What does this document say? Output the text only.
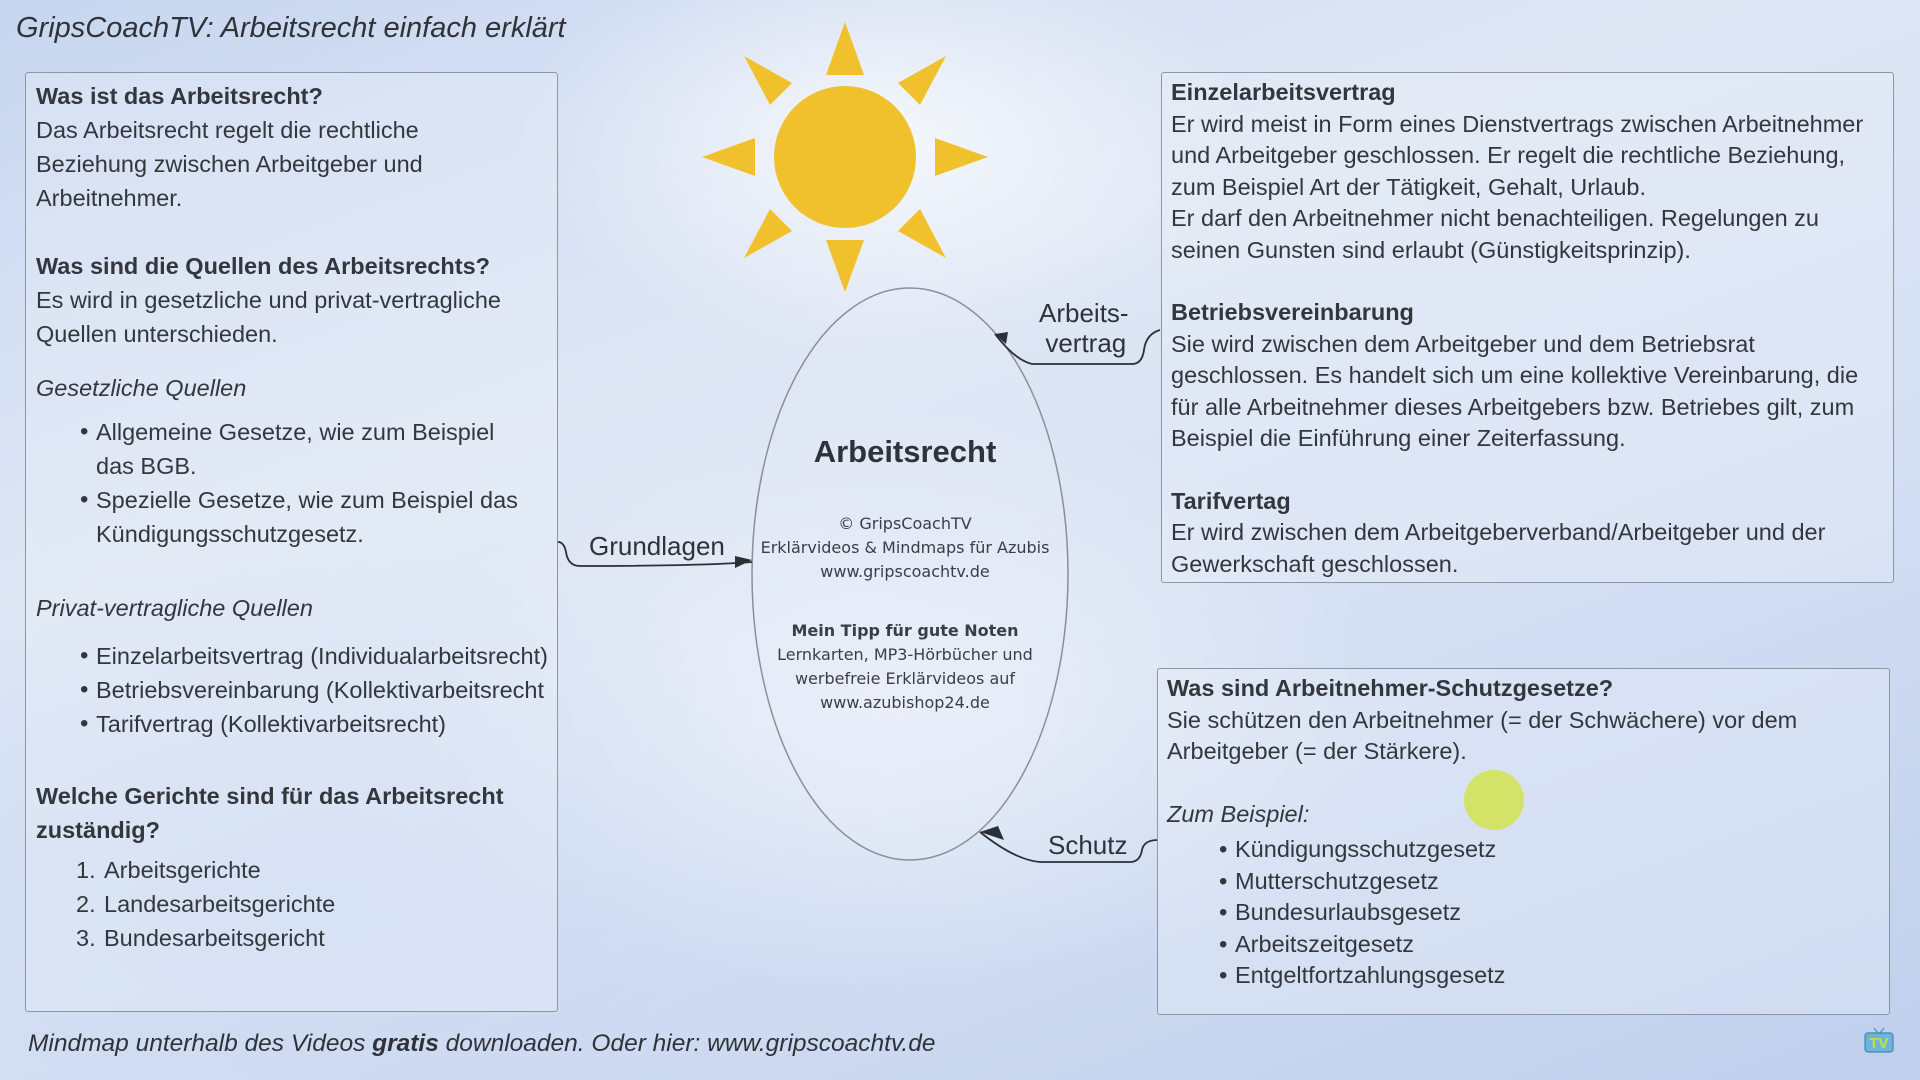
GripsCoachTV: Arbeitsrecht einfach erklärt
Grundlagen
Arbeits-
vertrag
Schutz
Arbeitsrecht
© GripsCoachTV
Erklärvideos & Mindmaps für Azubis
www.gripscoachtv.de
Mein Tipp für gute Noten
Lernkarten, MP3-Hörbücher und
werbefreie Erklärvideos auf
www.azubishop24.de
Was ist das Arbeitsrecht?
Das Arbeitsrecht regelt die rechtliche
Beziehung zwischen Arbeitgeber und
Arbeitnehmer.
Was sind die Quellen des Arbeitsrechts?
Es wird in gesetzliche und privat-vertragliche
Quellen unterschieden.
Gesetzliche Quellen
• Allgemeine Gesetze, wie zum Beispiel
das BGB.
• Spezielle Gesetze, wie zum Beispiel das
Kündigungsschutzgesetz.
Privat-vertragliche Quellen
• Einzelarbeitsvertrag (Individualarbeitsrecht)
• Betriebsvereinbarung (Kollektivarbeitsrecht
• Tarifvertrag (Kollektivarbeitsrecht)
Welche Gerichte sind für das Arbeitsrecht
zuständig?
1. Arbeitsgerichte
2. Landesarbeitsgerichte
3. Bundesarbeitsgericht
Einzelarbeitsvertrag
Er wird meist in Form eines Dienstvertrags zwischen Arbeitnehmer
und Arbeitgeber geschlossen. Er regelt die rechtliche Beziehung,
zum Beispiel Art der Tätigkeit, Gehalt, Urlaub.
Er darf den Arbeitnehmer nicht benachteiligen. Regelungen zu
seinen Gunsten sind erlaubt (Günstigkeitsprinzip).
Betriebsvereinbarung
Sie wird zwischen dem Arbeitgeber und dem Betriebsrat
geschlossen. Es handelt sich um eine kollektive Vereinbarung, die
für alle Arbeitnehmer dieses Arbeitgebers bzw. Betriebes gilt, zum
Beispiel die Einführung einer Zeiterfassung.
Tarifvertag
Er wird zwischen dem Arbeitgeberverband/Arbeitgeber und der
Gewerkschaft geschlossen.
Was sind Arbeitnehmer-Schutzgesetze?
Sie schützen den Arbeitnehmer (= der Schwächere) vor dem
Arbeitgeber (= der Stärkere).
Zum Beispiel:
• Kündigungsschutzgesetz
• Mutterschutzgesetz
• Bundesurlaubsgesetz
• Arbeitszeitgesetz
• Entgeltfortzahlungsgesetz
Mindmap unterhalb des Videos gratis downloaden. Oder hier: www.gripscoachtv.de	TV
